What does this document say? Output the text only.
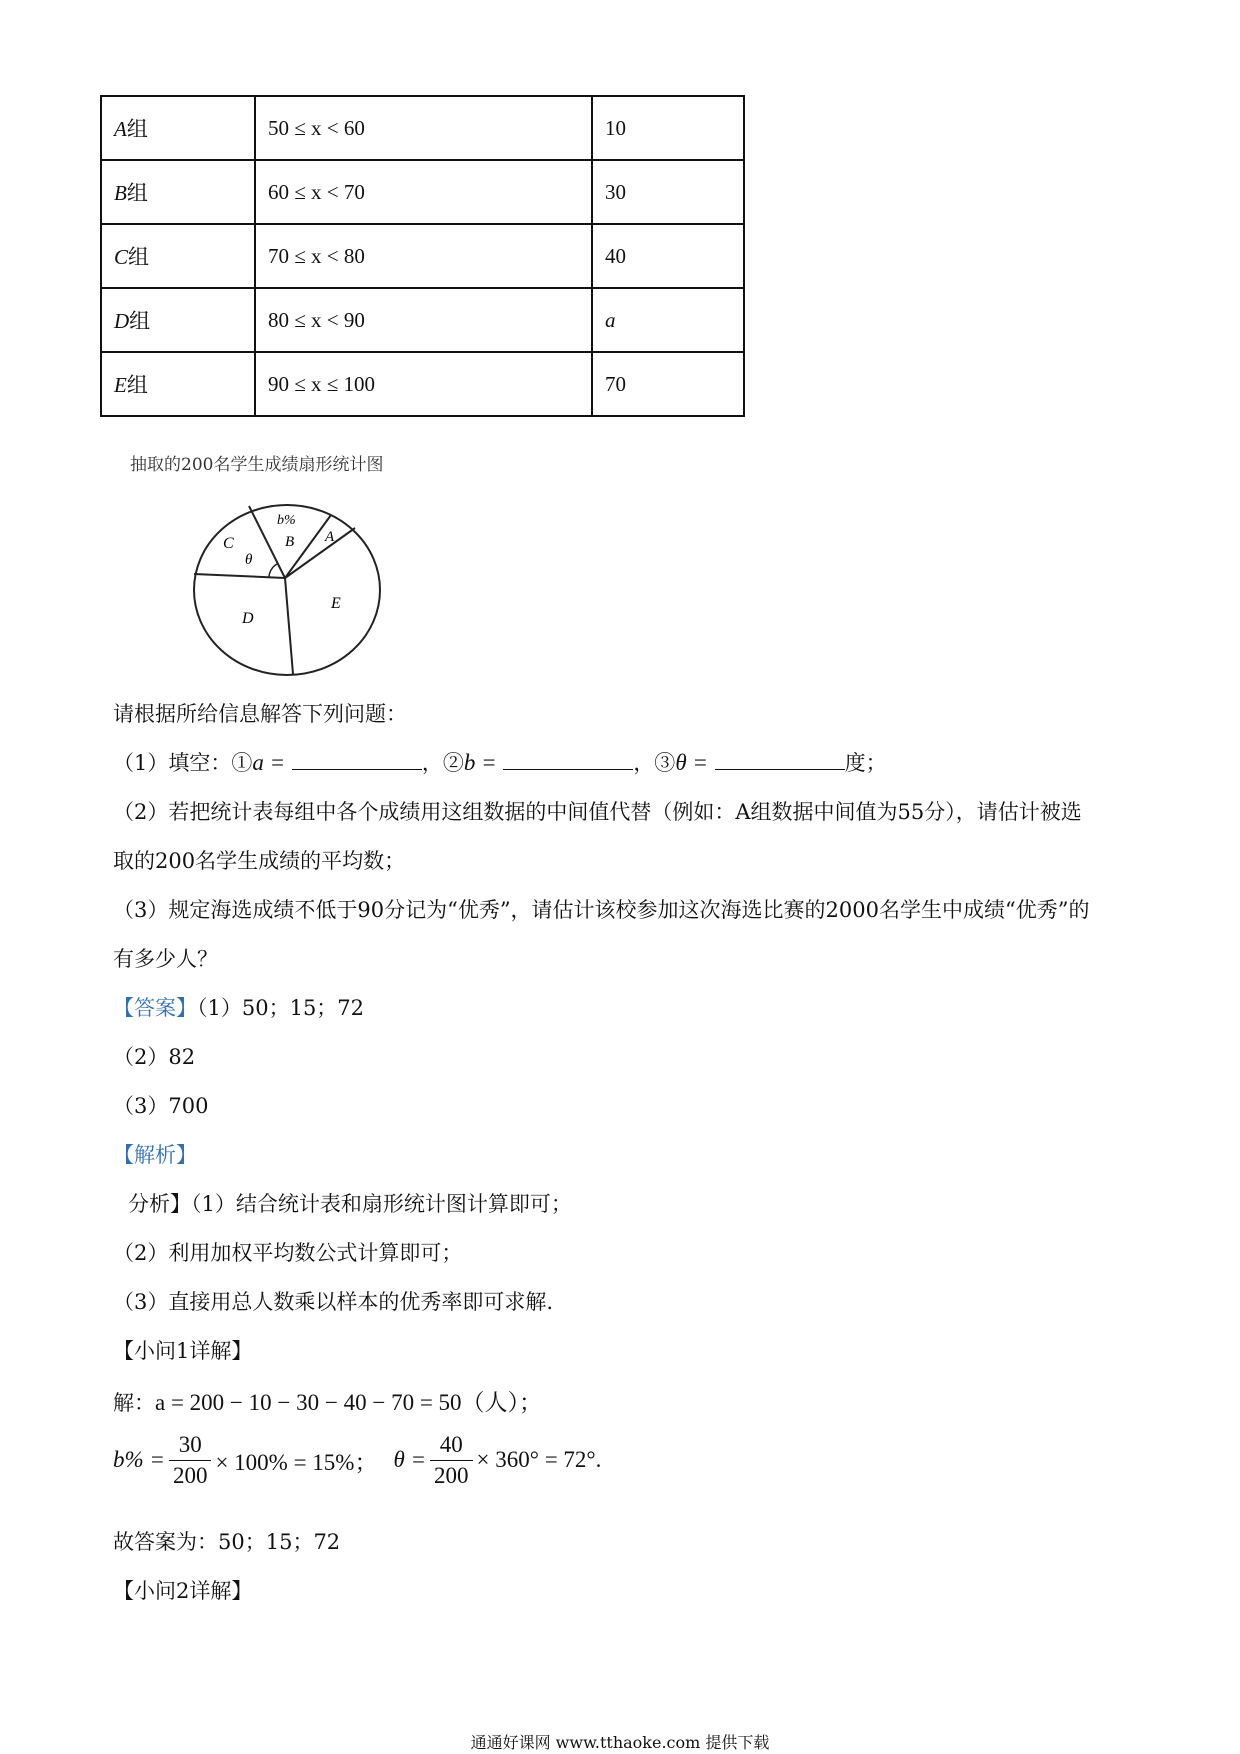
A组	50 ≤ x < 60	10
B组	60 ≤ x < 70	30
C组	70 ≤ x < 80	40
D组	80 ≤ x < 90	a
E组	90 ≤ x ≤ 100	70
抽取的200名学生成绩扇形统计图
b%
B A
C
θ
D
E
请根据所给信息解答下列问题：
（1）填空：①a =	，②b =	，③θ =	度；
（2）若把统计表每组中各个成绩用这组数据的中间值代替（例如：A组数据中间值为55分），请估计被选
取的200名学生成绩的平均数；
（3）规定海选成绩不低于90分记为“优秀”，请估计该校参加这次海选比赛的2000名学生中成绩“优秀”的
有多少人？
【答案】（1）50；15；72
（2）82
（3）700
【解析】
分析】（1）结合统计表和扇形统计图计算即可；
（2）利用加权平均数公式计算即可；
（3）直接用总人数乘以样本的优秀率即可求解.
【小问1详解】
解：a = 200 − 10 − 30 − 40 − 70 = 50（人）；
$b\% = \frac{30}{200} \times 100\% = 15\%$； $\theta = \frac{40}{200} \times 360^\circ = 72^\circ$.
故答案为：50；15；72
【小问2详解】
通通好课网 www.tthaoke.com 提供下载
